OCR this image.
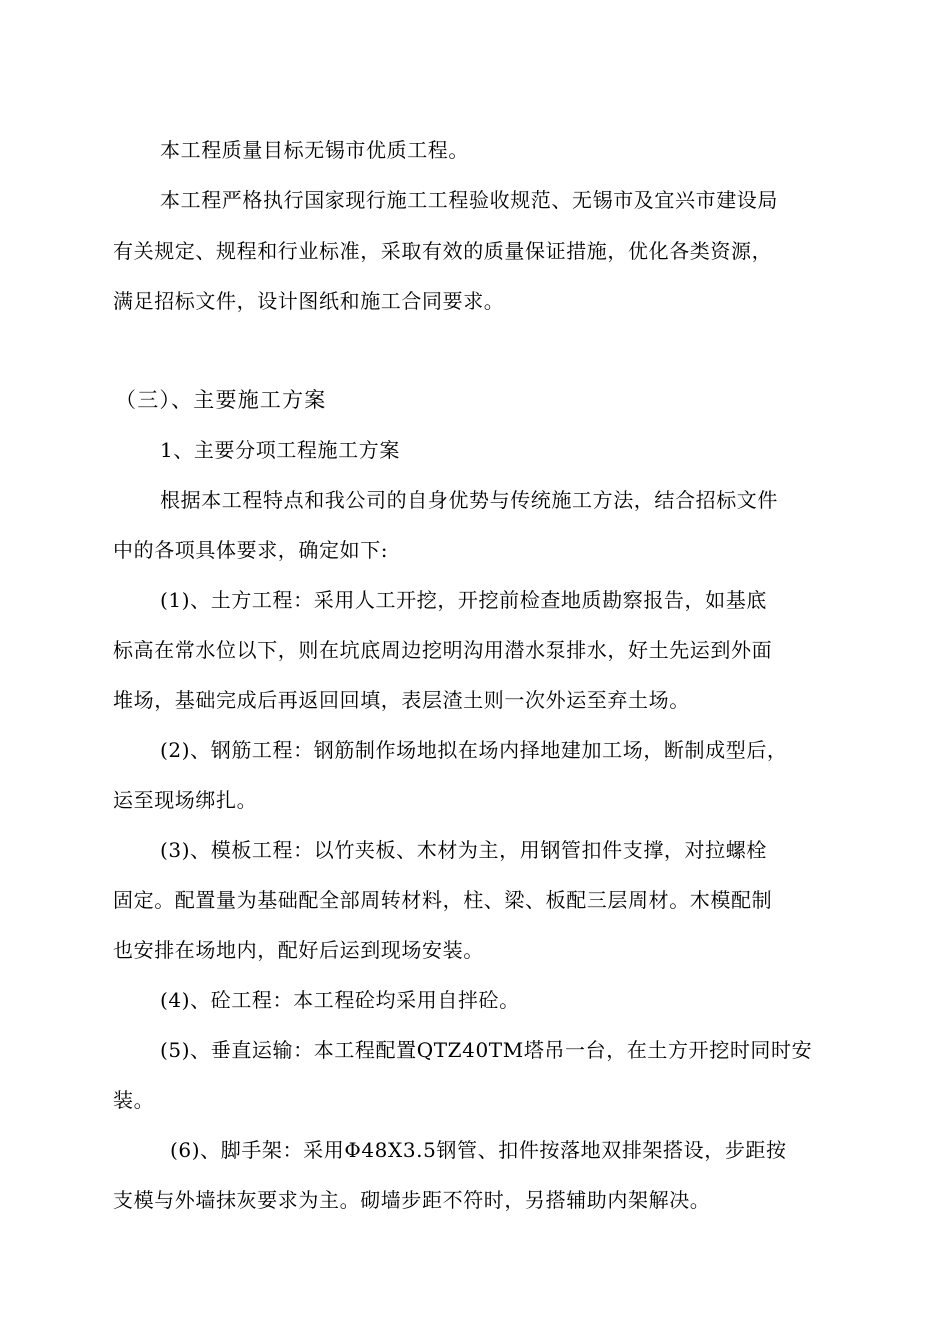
本工程质量目标无锡市优质工程。
本工程严格执行国家现行施工工程验收规范、无锡市及宜兴市建设局
有关规定、规程和行业标准，采取有效的质量保证措施，优化各类资源，
满足招标文件，设计图纸和施工合同要求。
（三）、主要施工方案
1、主要分项工程施工方案
根据本工程特点和我公司的自身优势与传统施工方法，结合招标文件
中的各项具体要求，确定如下:
(1)、土方工程：采用人工开挖，开挖前检查地质勘察报告，如基底
标高在常水位以下，则在坑底周边挖明沟用潜水泵排水，好土先运到外面
堆场，基础完成后再返回回填，表层渣土则一次外运至弃土场。
(2)、钢筋工程：钢筋制作场地拟在场内择地建加工场，断制成型后，
运至现场绑扎。
(3)、模板工程：以竹夹板、木材为主，用钢管扣件支撑，对拉螺栓
固定。配置量为基础配全部周转材料，柱、梁、板配三层周材。木模配制
也安排在场地内，配好后运到现场安装。
(4)、砼工程：本工程砼均采用自拌砼。
(5)、垂直运输：本工程配置QTZ40TM塔吊一台，在土方开挖时同时安
装。
(6)、脚手架：采用Φ48X3.5钢管、扣件按落地双排架搭设，步距按
支模与外墙抹灰要求为主。砌墙步距不符时，另搭辅助内架解决。
